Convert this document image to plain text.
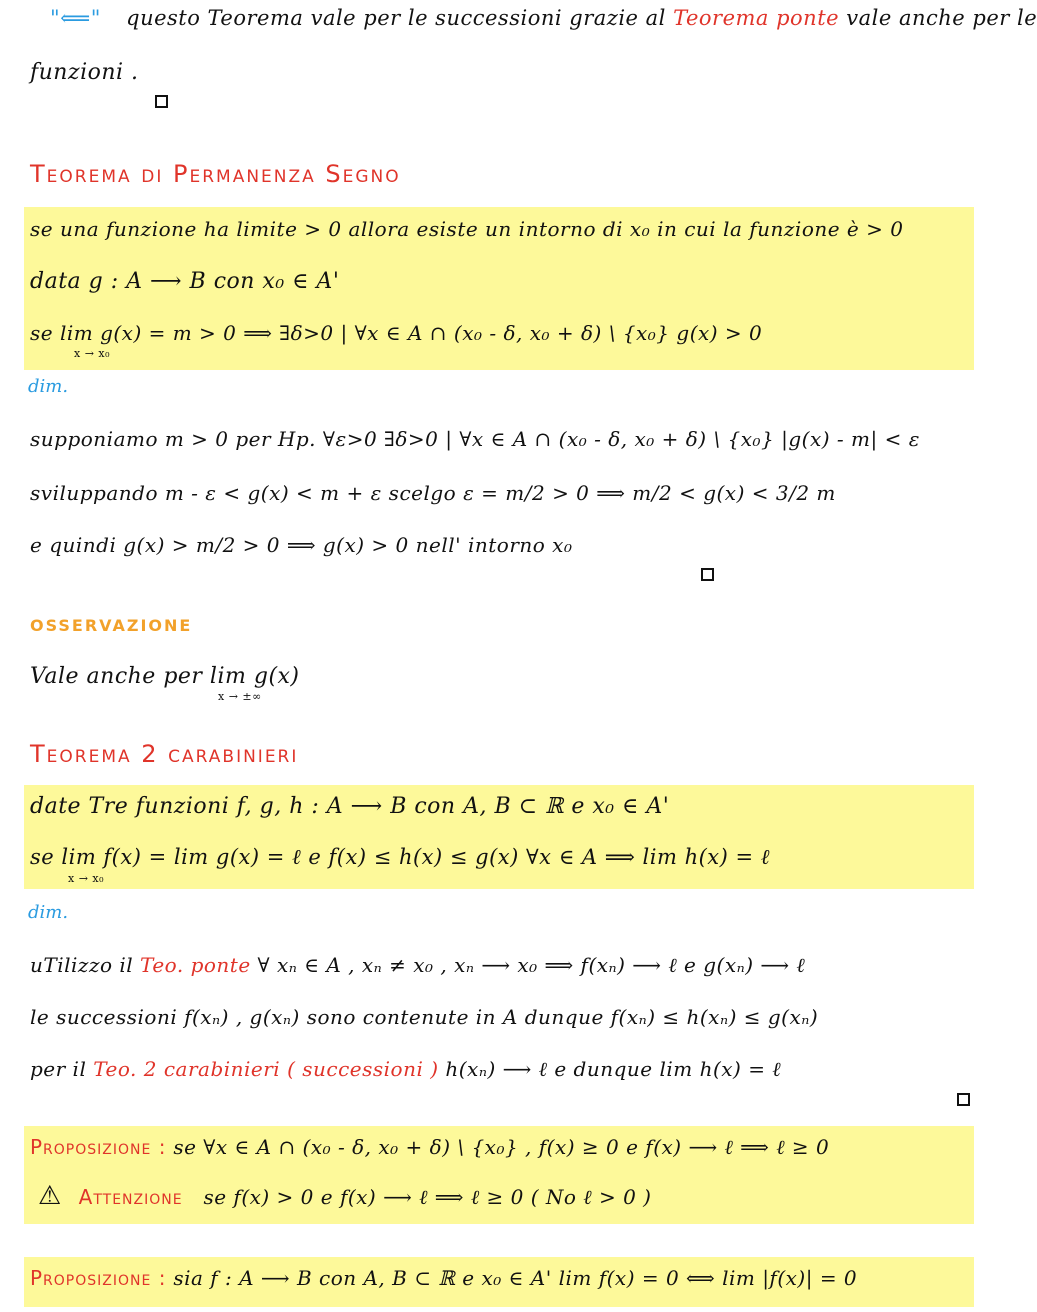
"⟸" questo Teorema vale per le successioni grazie al Teorema ponte vale anche per le
funzioni .
Teorema di Permanenza Segno
se una funzione ha limite > 0 allora esiste un intorno di x₀ in cui la funzione è > 0
data g : A ⟶ B con x₀ ∈ A'
se lim g(x) = m > 0 ⟹ ∃δ>0 | ∀x ∈ A ∩ (x₀ - δ, x₀ + δ) \ {x₀} g(x) > 0
x → x₀
dim.
supponiamo m > 0 per Hp. ∀ε>0 ∃δ>0 | ∀x ∈ A ∩ (x₀ - δ, x₀ + δ) \ {x₀} |g(x) - m| < ε
sviluppando m - ε < g(x) < m + ε scelgo ε = m/2 > 0 ⟹ m/2 < g(x) < 3/2 m
e quindi g(x) > m/2 > 0 ⟹ g(x) > 0 nell' intorno x₀
OSSERVAZIONE
Vale anche per lim g(x)
x → ±∞
Teorema 2 carabinieri
date Tre funzioni f, g, h : A ⟶ B con A, B ⊂ ℝ e x₀ ∈ A'
se lim f(x) = lim g(x) = ℓ e f(x) ≤ h(x) ≤ g(x) ∀x ∈ A ⟹ lim h(x) = ℓ
x → x₀
dim.
uTilizzo il Teo. ponte ∀ xₙ ∈ A , xₙ ≠ x₀ , xₙ ⟶ x₀ ⟹ f(xₙ) ⟶ ℓ e g(xₙ) ⟶ ℓ
le successioni f(xₙ) , g(xₙ) sono contenute in A dunque f(xₙ) ≤ h(xₙ) ≤ g(xₙ)
per il Teo. 2 carabinieri ( successioni ) h(xₙ) ⟶ ℓ e dunque lim h(x) = ℓ
Proposizione : se ∀x ∈ A ∩ (x₀ - δ, x₀ + δ) \ {x₀} , f(x) ≥ 0 e f(x) ⟶ ℓ ⟹ ℓ ≥ 0
⚠ Attenzione se f(x) > 0 e f(x) ⟶ ℓ ⟹ ℓ ≥ 0 ( No ℓ > 0 )
Proposizione : sia f : A ⟶ B con A, B ⊂ ℝ e x₀ ∈ A' lim f(x) = 0 ⟺ lim |f(x)| = 0
